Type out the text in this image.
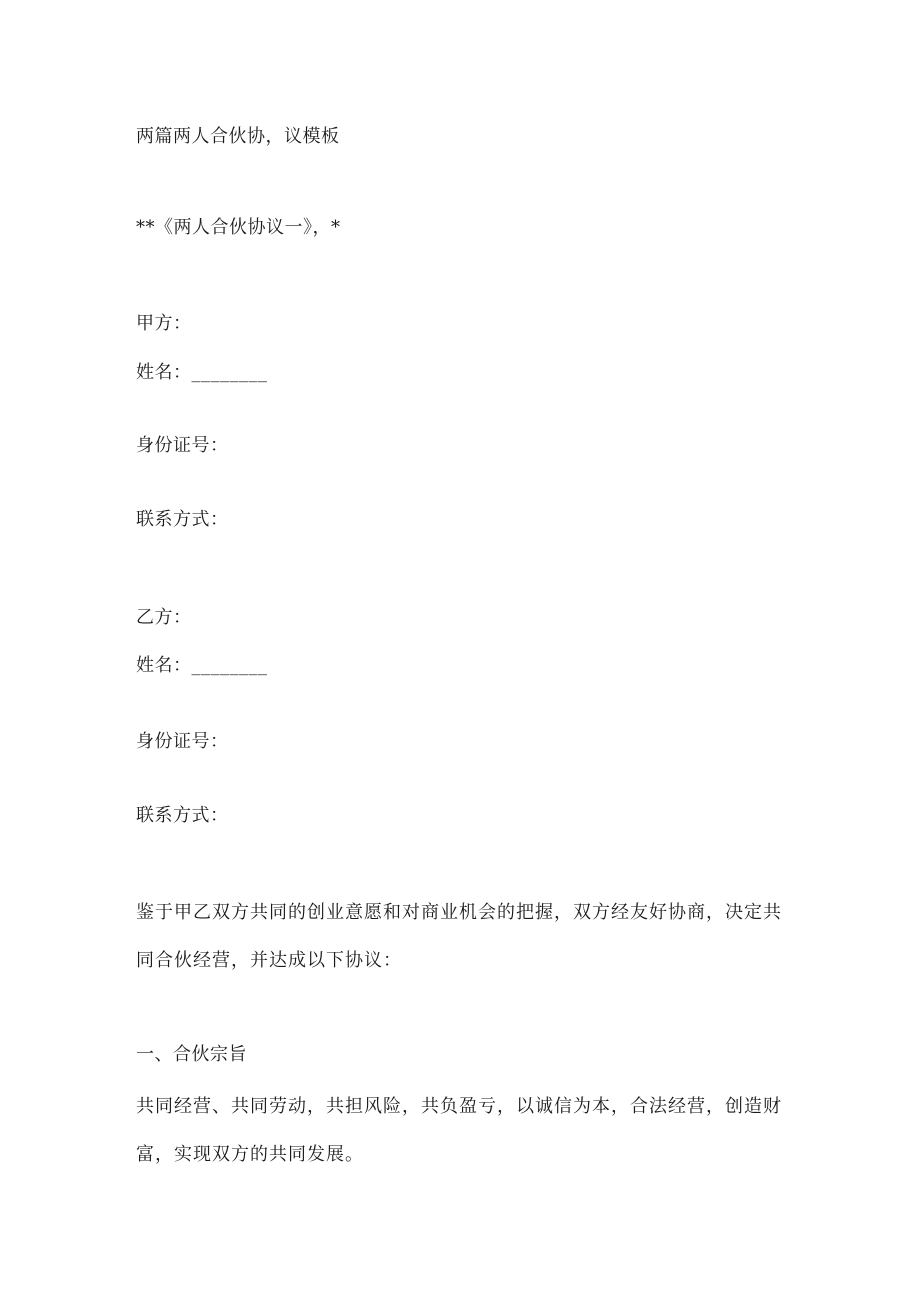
两篇两人合伙协，议模板
**《两人合伙协议一》，*
甲方：
姓名：________
身份证号：
联系方式：
乙方：
姓名：________
身份证号：
联系方式：
鉴于甲乙双方共同的创业意愿和对商业机会的把握，双方经友好协商，决定共同合伙经营，并达成以下协议：
一、合伙宗旨
共同经营、共同劳动，共担风险，共负盈亏，以诚信为本，合法经营，创造财富，实现双方的共同发展。
